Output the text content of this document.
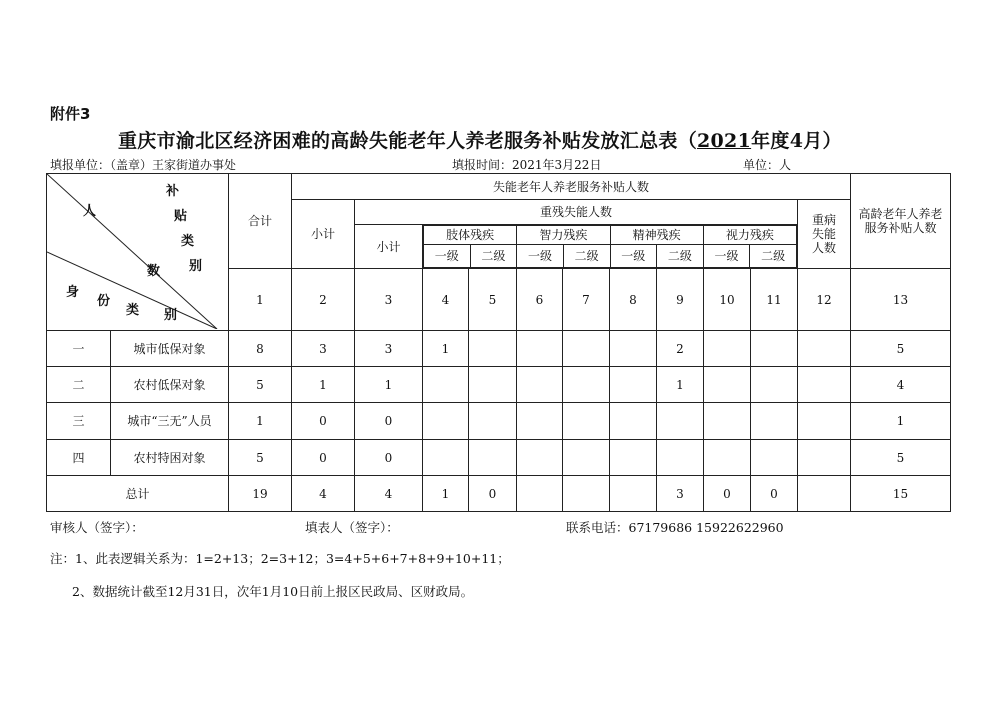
附件3
重庆市渝北区经济困难的高龄失能老年人养老服务补贴发放汇总表（2021年度4月）
填报单位：（盖章）王家街道办事处	填报时间：2021年3月22日	单位：人
人
补
贴
类
别
数
身
份
类 别
	合计	失能老年人养老服务补贴人数	高龄老年人养老服务补贴人数
小计	重残失能人数	
重病
失能
人数

小计	
肢体残疾	智力残疾	精神残疾	视力残疾
一级	二级	一级	二级	一级	二级	一级	二级

1	2	3	4	5	6	7	8	9	10	11	12	13
一	城市低保对象	8	3	3	1					2				5
二	农村低保对象	5	1	1						1				4
三	城市“三无”人员	1	0	0										1
四	农村特困对象	5	0	0										5
总计	19	4	4	1	0				3	0	0		15
审核人（签字）：	填表人（签字）：	联系电话：67179686 15922622960
注：1、此表逻辑关系为：1=2+13；2=3+12；3=4+5+6+7+8+9+10+11；
2、数据统计截至12月31日，次年1月10日前上报区民政局、区财政局。
